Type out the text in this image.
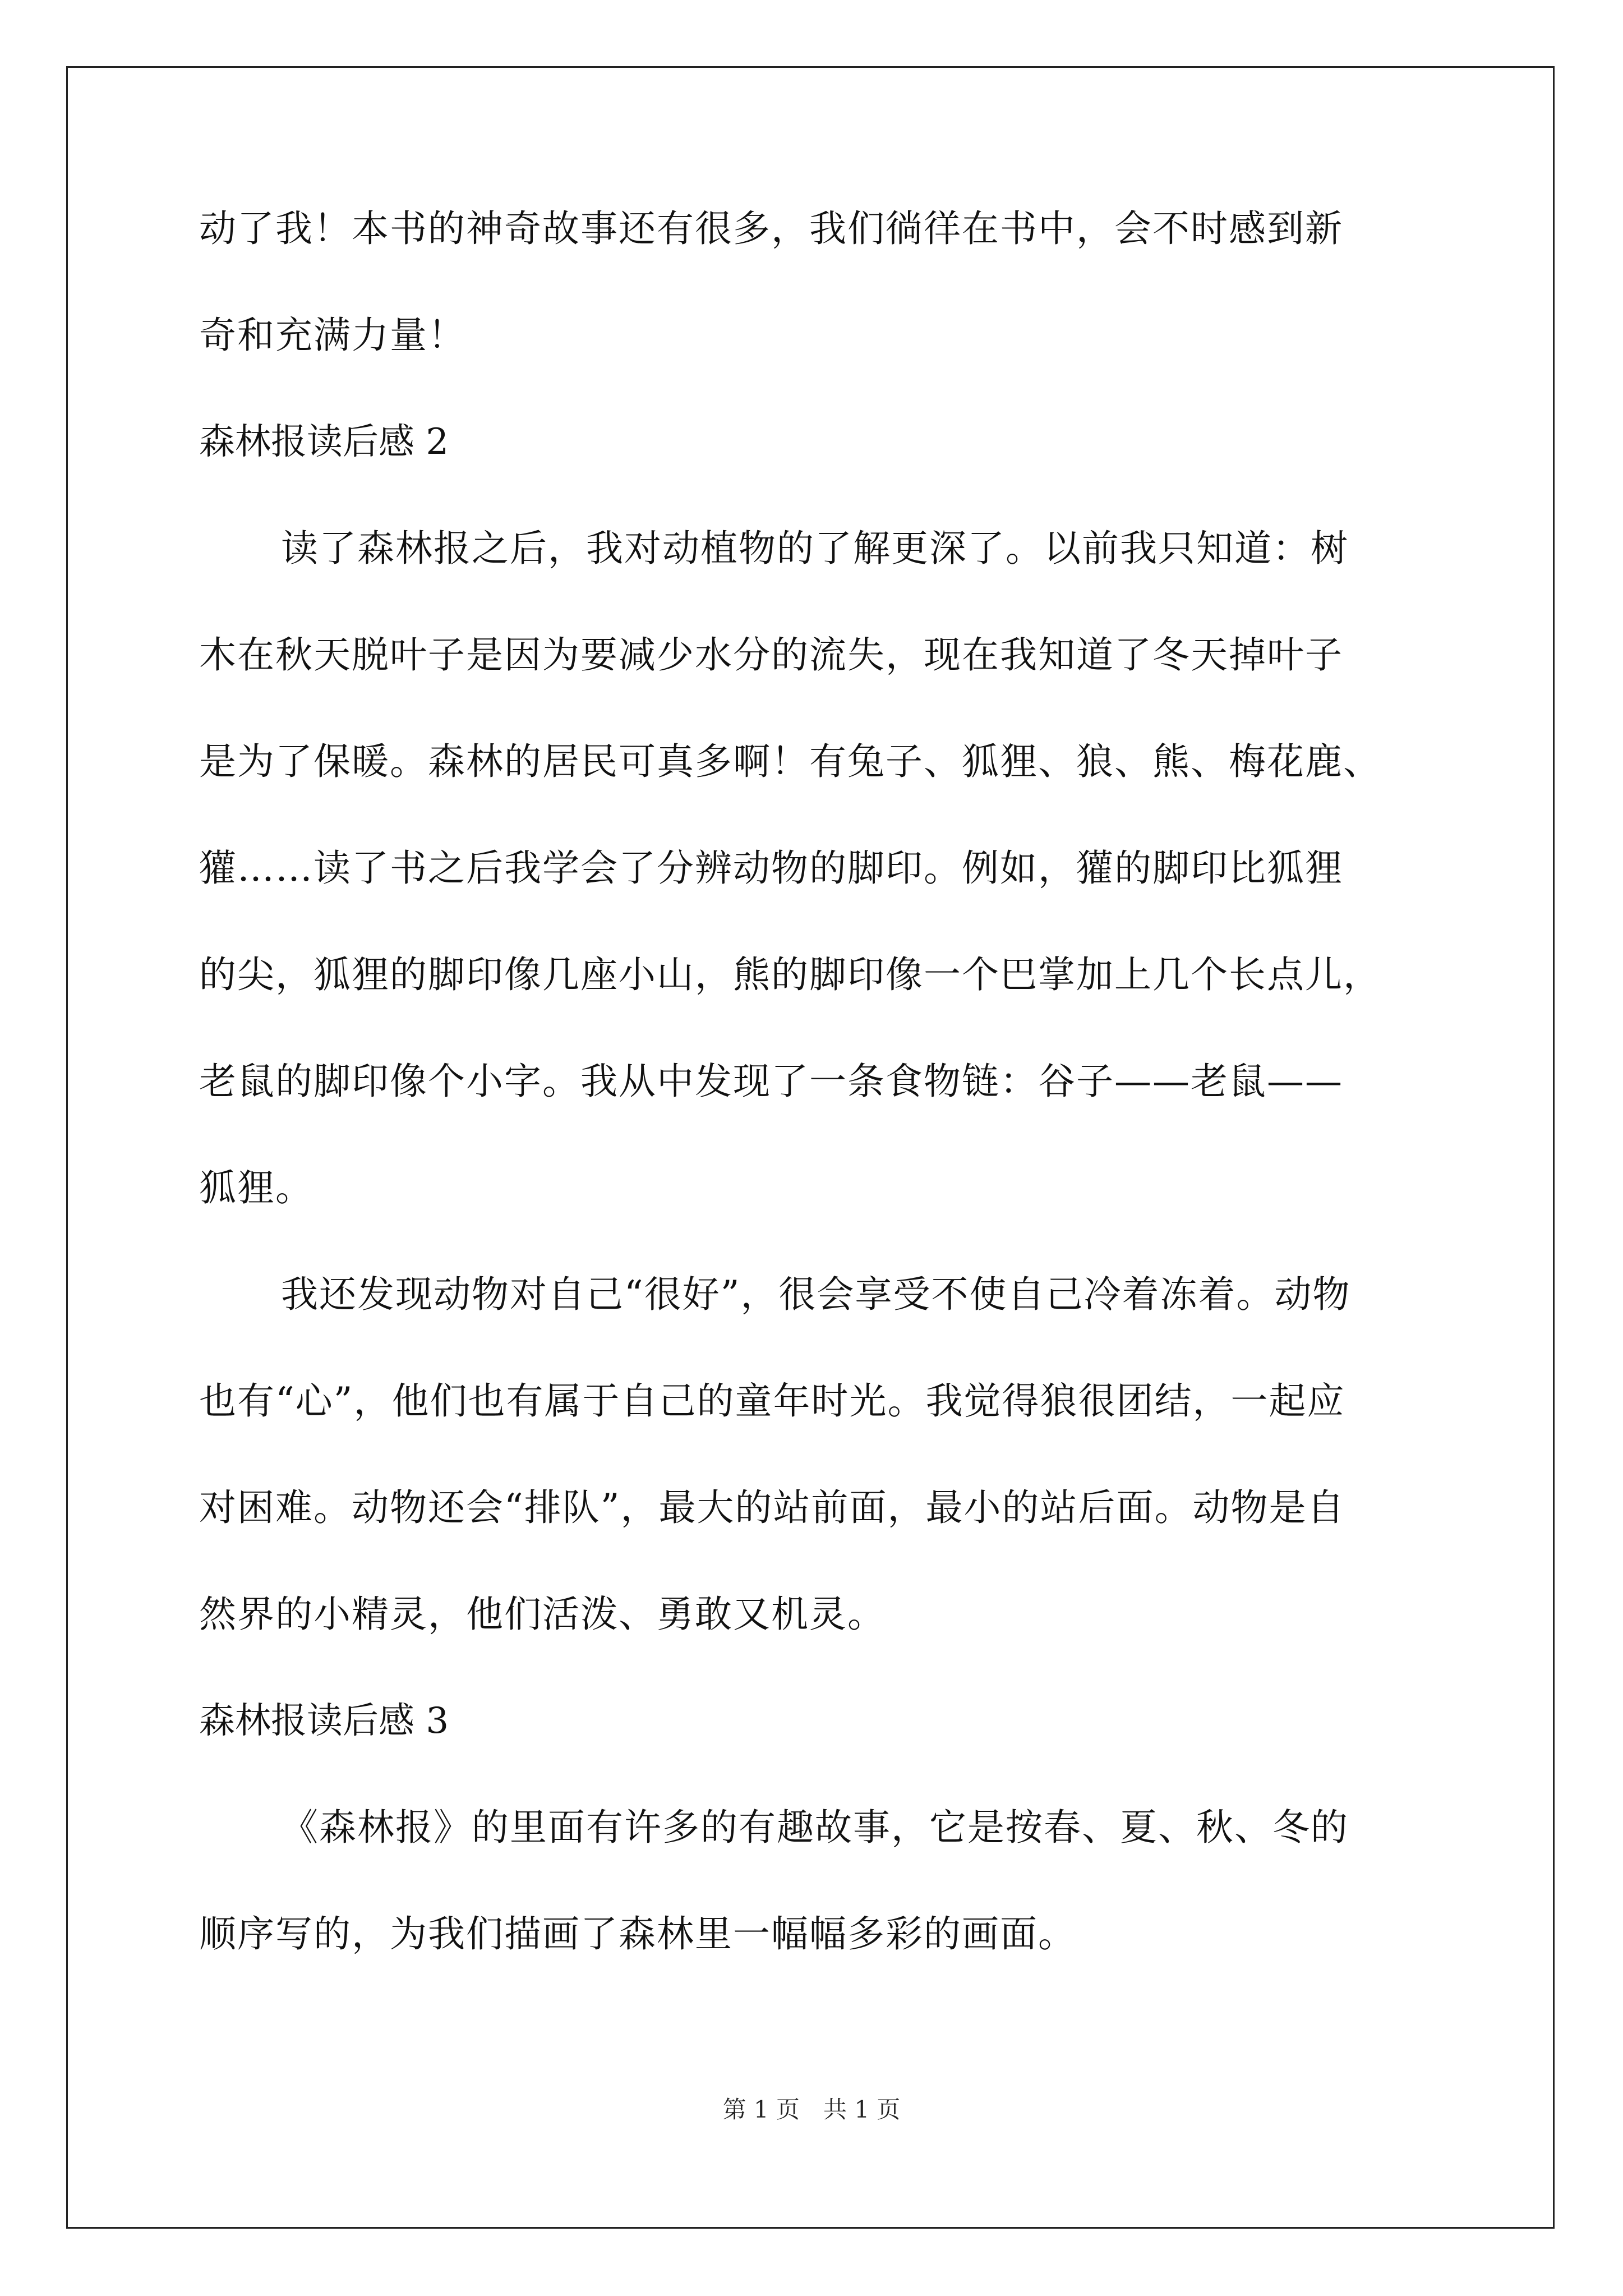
动了我！本书的神奇故事还有很多，我们徜徉在书中，会不时感到新
奇和充满力量！
森林报读后感 2
读了森林报之后，我对动植物的了解更深了。以前我只知道：树
木在秋天脱叶子是因为要减少水分的流失，现在我知道了冬天掉叶子
是为了保暖。森林的居民可真多啊！有兔子、狐狸、狼、熊、梅花鹿、
獾……读了书之后我学会了分辨动物的脚印。例如，獾的脚印比狐狸
的尖，狐狸的脚印像几座小山，熊的脚印像一个巴掌加上几个长点儿，
老鼠的脚印像个小字。我从中发现了一条食物链：谷子——老鼠——
狐狸。
我还发现动物对自己“很好”，很会享受不使自己冷着冻着。动物
也有“心”，他们也有属于自己的童年时光。我觉得狼很团结，一起应
对困难。动物还会“排队”，最大的站前面，最小的站后面。动物是自
然界的小精灵，他们活泼、勇敢又机灵。
森林报读后感 3
《森林报》的里面有许多的有趣故事，它是按春、夏、秋、冬的
顺序写的，为我们描画了森林里一幅幅多彩的画面。
第 1 页　共 1 页
